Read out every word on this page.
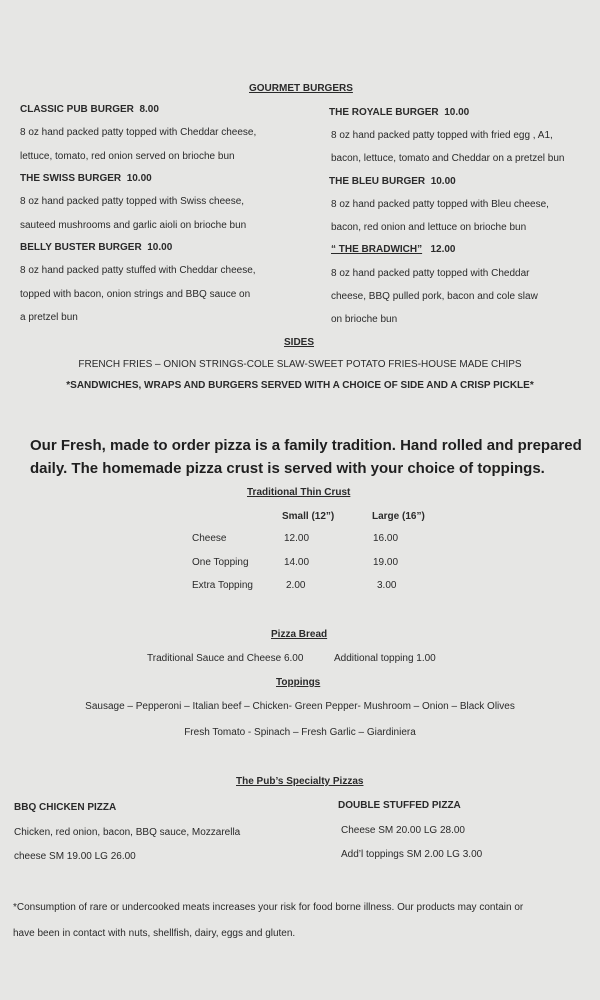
GOURMET BURGERS
CLASSIC PUB BURGER 8.00
8 oz hand packed patty topped with Cheddar cheese,
lettuce, tomato, red onion served on brioche bun
THE SWISS BURGER 10.00
8 oz hand packed patty topped with Swiss cheese,
sauteed mushrooms and garlic aioli on brioche bun
BELLY BUSTER BURGER 10.00
8 oz hand packed patty stuffed with Cheddar cheese,
topped with bacon, onion strings and BBQ sauce on
a pretzel bun
THE ROYALE BURGER 10.00
8 oz hand packed patty topped with fried egg , A1,
bacon, lettuce, tomato and Cheddar on a pretzel bun
THE BLEU BURGER 10.00
8 oz hand packed patty topped with Bleu cheese,
bacon, red onion and lettuce on brioche bun
“ THE BRADWICH” 12.00
8 oz hand packed patty topped with Cheddar
cheese, BBQ pulled pork, bacon and cole slaw
on brioche bun
SIDES
FRENCH FRIES – ONION STRINGS-COLE SLAW-SWEET POTATO FRIES-HOUSE MADE CHIPS
*SANDWICHES, WRAPS AND BURGERS SERVED WITH A CHOICE OF SIDE AND A CRISP PICKLE*
Our Fresh, made to order pizza is a family tradition. Hand rolled and prepared
daily. The homemade pizza crust is served with your choice of toppings.
Traditional Thin Crust
Small (12”)	Large (16”)
Cheese	12.00	16.00
One Topping	14.00	19.00
Extra Topping	2.00	3.00
Pizza Bread
Traditional Sauce and Cheese 6.00	Additional topping 1.00
Toppings
Sausage – Pepperoni – Italian beef – Chicken- Green Pepper- Mushroom – Onion – Black Olives
Fresh Tomato - Spinach – Fresh Garlic – Giardiniera
The Pub’s Specialty Pizzas
BBQ CHICKEN PIZZA
Chicken, red onion, bacon, BBQ sauce, Mozzarella
cheese SM 19.00 LG 26.00
DOUBLE STUFFED PIZZA
Cheese SM 20.00 LG 28.00
Add’l toppings SM 2.00 LG 3.00
*Consumption of rare or undercooked meats increases your risk for food borne illness. Our products may contain or
have been in contact with nuts, shellfish, dairy, eggs and gluten.
